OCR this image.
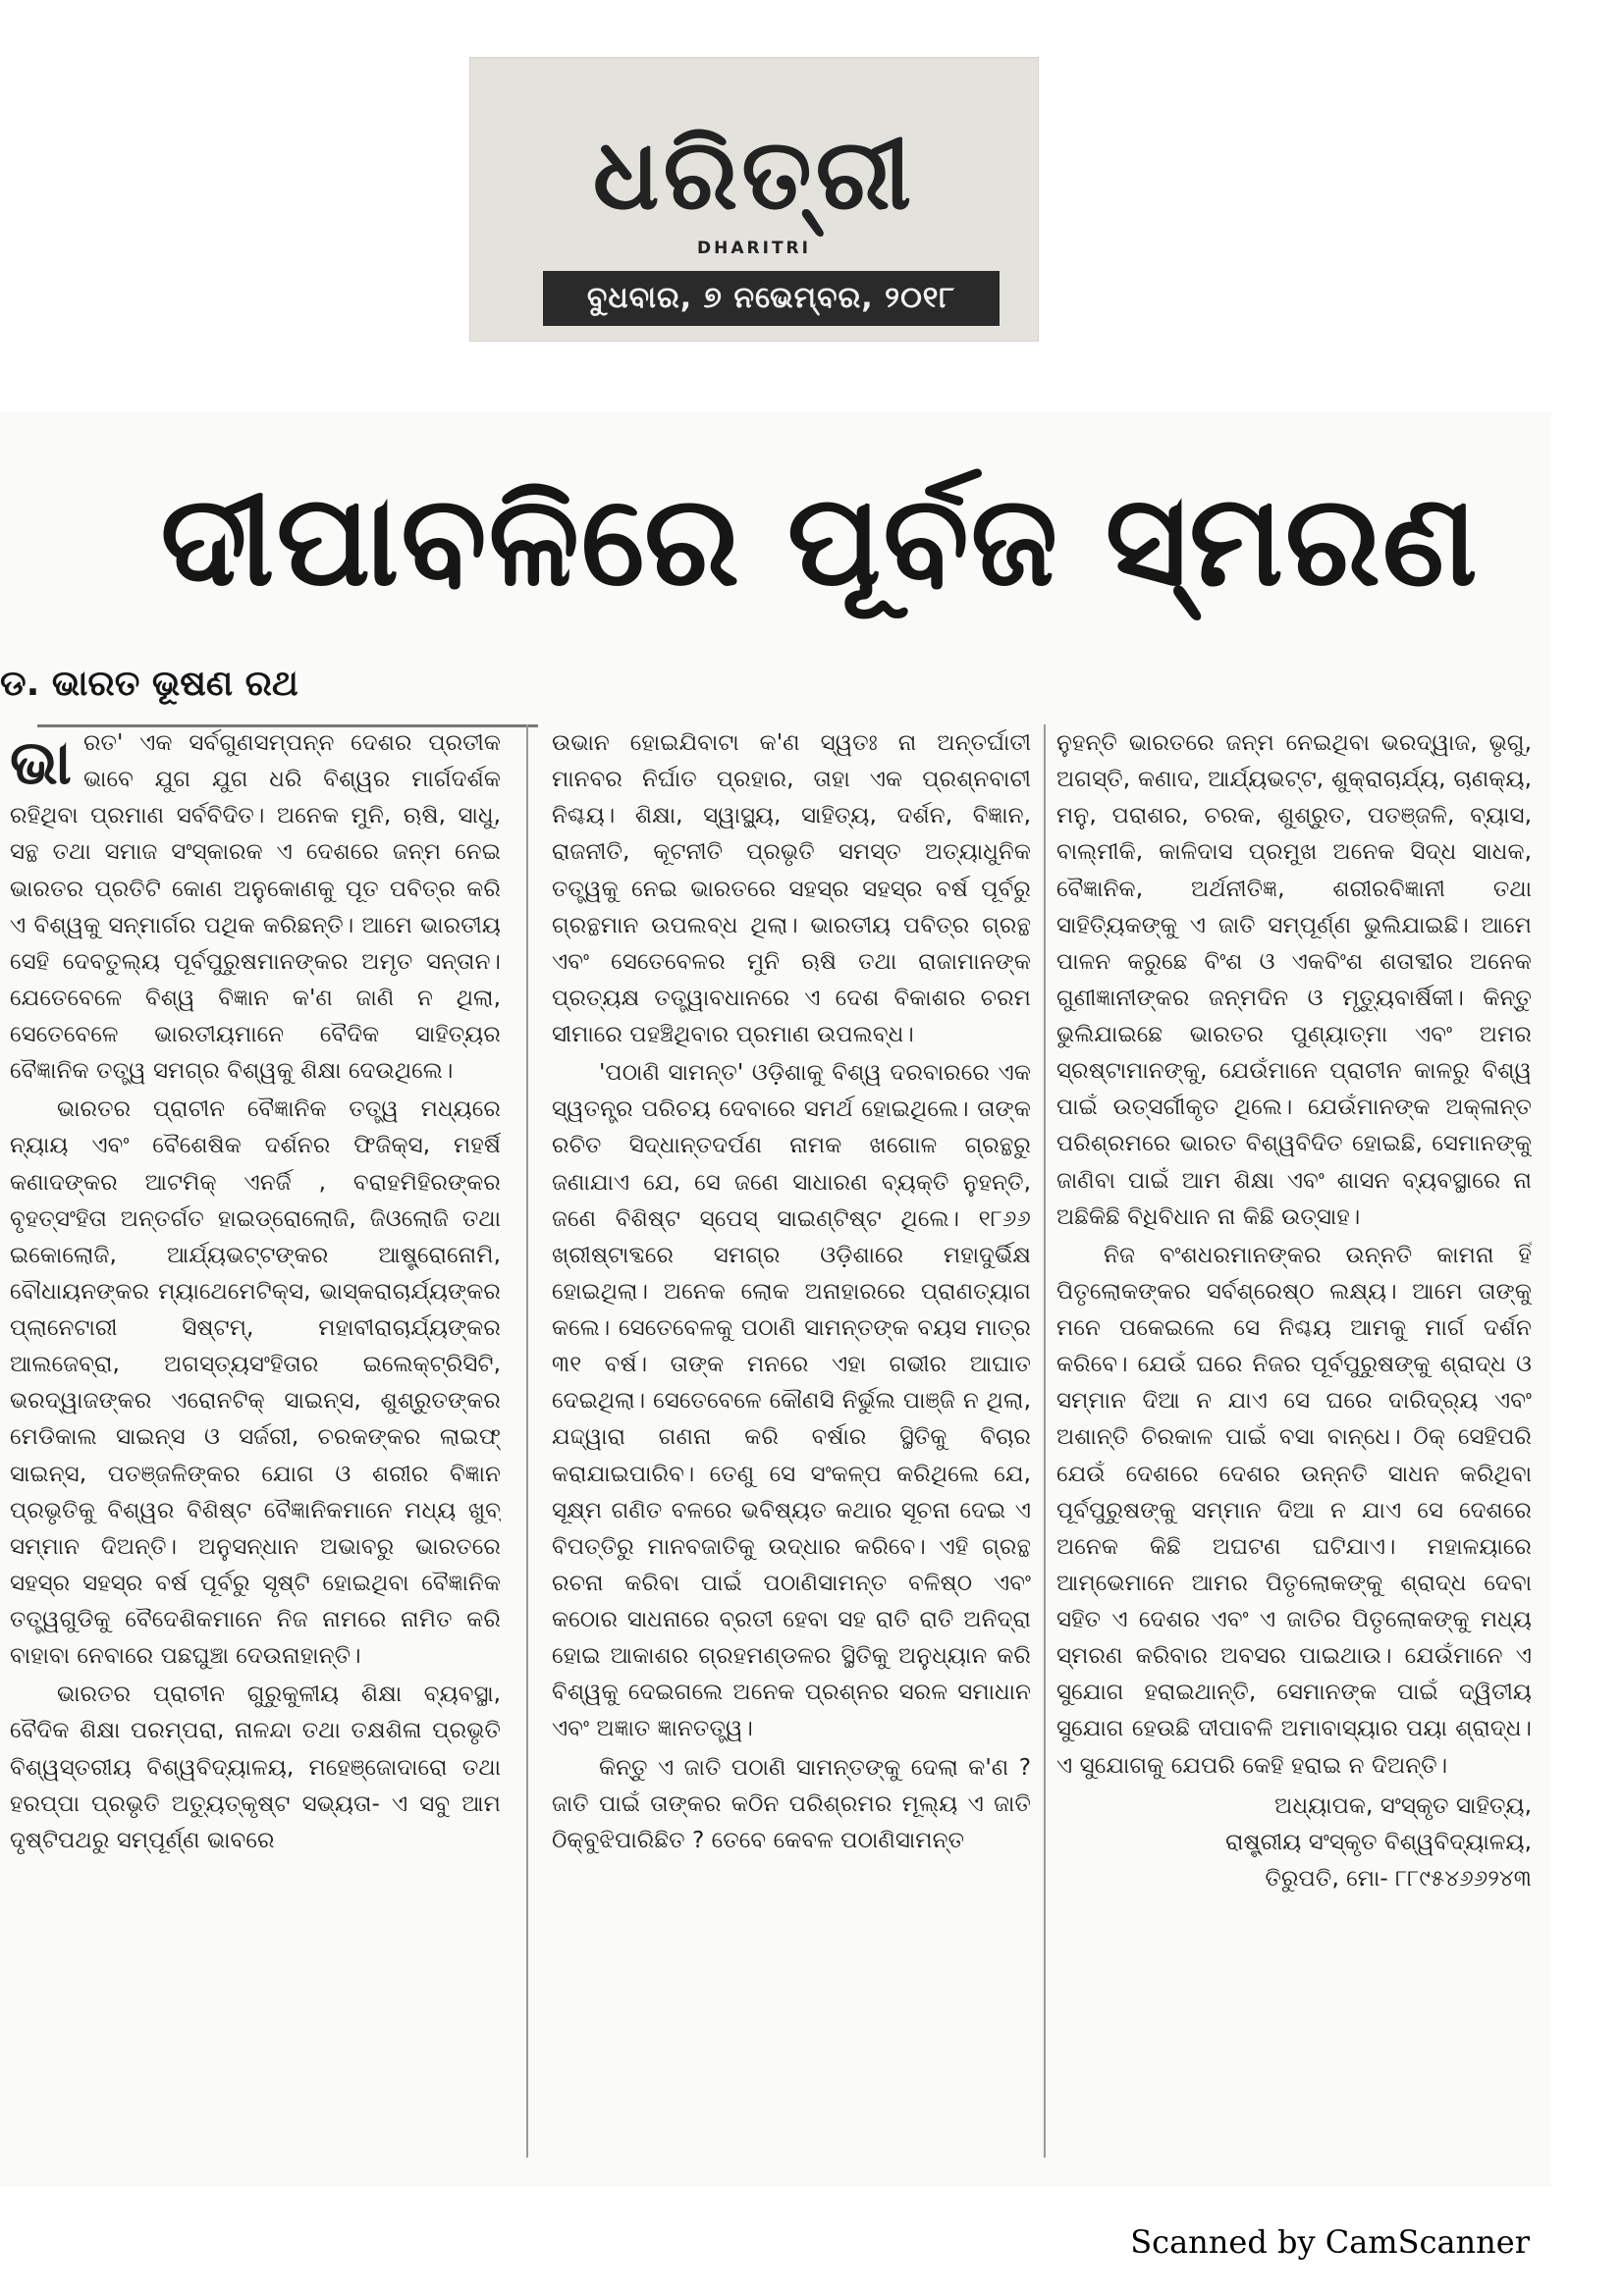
ଧରିତ୍ରୀ
DHARITRI
ବୁଧବାର, ୭ ନଭେମ୍ବର, ୨୦୧୮
ଦୀପାବଳିରେ ପୂର୍ବଜ ସ୍ମରଣ
ଡ. ଭାରତ ଭୂଷଣ ରଥ

ଭାରତ' ଏକ ସର୍ବଗୁଣସମ୍ପନ୍ନ ଦେଶର ପ୍ରତୀକ ଭାବେ ଯୁଗ ଯୁଗ ଧରି ବିଶ୍ୱର ମାର୍ଗଦର୍ଶକ ରହିଥିବା ପ୍ରମାଣ ସର୍ବବିଦିତ। ଅନେକ ମୁନି, ଋଷି, ସାଧୁ, ସନ୍ଥ ତଥା ସମାଜ ସଂସ୍କାରକ ଏ ଦେଶରେ ଜନ୍ମ ନେଇ ଭାରତର ପ୍ରତିଟି କୋଣ ଅନୁକୋଣକୁ ପୂତ ପବିତ୍ର କରି ଏ ବିଶ୍ୱକୁ ସନ୍ମାର୍ଗର ପଥିକ କରିଛନ୍ତି। ଆମେ ଭାରତୀୟ ସେହି ଦେବତୁଲ୍ୟ ପୂର୍ବପୁରୁଷମାନଙ୍କର ଅମୃତ ସନ୍ତାନ। ଯେତେବେଳେ ବିଶ୍ୱ ବିଜ୍ଞାନ କ'ଣ ଜାଣି ନ ଥିଲା, ସେତେବେଳେ ଭାରତୀୟମାନେ ବୈଦିକ ସାହିତ୍ୟର ବୈଜ୍ଞାନିକ ତତ୍ତ୍ୱ ସମଗ୍ର ବିଶ୍ୱକୁ ଶିକ୍ଷା ଦେଉଥିଲେ।

ଭାରତର ପ୍ରାଚୀନ ବୈଜ୍ଞାନିକ ତତ୍ତ୍ୱ ମଧ୍ୟରେ ନ୍ୟାୟ ଏବଂ ବୈଶେଷିକ ଦର୍ଶନର ଫିଜିକ୍ସ, ମହର୍ଷି କଣାଦଙ୍କର ଆଟମିକ୍ ଏନର୍ଜି , ବରାହମିହିରଙ୍କର ବୃହତ୍‌ସଂହିତା ଅନ୍ତର୍ଗତ ହାଇଡ୍ରୋଲୋଜି, ଜିଓଲୋଜି ତଥା ଇକୋଲୋଜି, ଆର୍ଯ୍ୟଭଟ୍ଟଙ୍କର ଆଷ୍ଟ୍ରୋନୋମି, ବୌଧାୟନଙ୍କର ମ୍ୟାଥେମେଟିକ୍ସ, ଭାସ୍କରାଚାର୍ଯ୍ୟଙ୍କର ପ୍ଲାନେଟାରୀ ସିଷ୍ଟମ୍, ମହାବୀରାଚାର୍ଯ୍ୟଙ୍କର ଆଲଜେବ୍ରା, ଅଗସ୍ତ୍ୟସଂହିତାର ଇଲେକ୍‌ଟ୍ରିସିଟି, ଭରଦ୍ୱାଜଙ୍କର ଏରୋନଟିକ୍ ସାଇନ୍ସ, ଶୁଶ୍ରୁତଙ୍କର ମେଡିକାଲ ସାଇନ୍ସ ଓ ସର୍ଜରୀ, ଚରକଙ୍କର ଲାଇଫ୍ ସାଇନ୍ସ, ପତଞ୍ଜଳିଙ୍କର ଯୋଗ ଓ ଶରୀର ବିଜ୍ଞାନ ପ୍ରଭୃତିକୁ ବିଶ୍ୱର ବିଶିଷ୍ଟ ବୈଜ୍ଞାନିକମାନେ ମଧ୍ୟ ଖୁବ୍ ସମ୍ମାନ ଦିଅନ୍ତି। ଅନୁସନ୍ଧାନ ଅଭାବରୁ ଭାରତରେ ସହସ୍ର ସହସ୍ର ବର୍ଷ ପୂର୍ବରୁ ସୃଷ୍ଟି ହୋଇଥିବା ବୈଜ୍ଞାନିକ ତତ୍ତ୍ୱଗୁଡିକୁ ବୈଦେଶିକମାନେ ନିଜ ନାମରେ ନାମିତ କରି ବାହାବା ନେବାରେ ପଛଘୁଞ୍ଚା ଦେଉନାହାନ୍ତି।

ଭାରତର ପ୍ରାଚୀନ ଗୁରୁକୁଳୀୟ ଶିକ୍ଷା ବ୍ୟବସ୍ଥା, ବୈଦିକ ଶିକ୍ଷା ପରମ୍ପରା, ନାଳନ୍ଦା ତଥା ତକ୍ଷଶିଳା ପ୍ରଭୃତି ବିଶ୍ୱସ୍ତରୀୟ ବିଶ୍ୱବିଦ୍ୟାଳୟ, ମହେଞ୍ଜୋଦାରୋ ତଥା ହରପ୍ପା ପ୍ରଭୃତି ଅତ୍ୟୁତ୍କୃଷ୍ଟ ସଭ୍ୟତା- ଏ ସବୁ ଆମ ଦୃଷ୍ଟିପଥରୁ ସମ୍ପୂର୍ଣ୍ଣ ଭାବରେ

ଉଭାନ ହୋଇଯିବାଟା କ'ଣ ସ୍ୱତଃ ନା ଅନ୍ତର୍ଘାତୀ ମାନବର ନିର୍ଘାତ ପ୍ରହାର, ତାହା ଏକ ପ୍ରଶ୍ନବାଚୀ ନିଶ୍ଚୟ। ଶିକ୍ଷା, ସ୍ୱାସ୍ଥ୍ୟ, ସାହିତ୍ୟ, ଦର୍ଶନ, ବିଜ୍ଞାନ, ରାଜନୀତି, କୂଟନୀତି ପ୍ରଭୃତି ସମସ୍ତ ଅତ୍ୟାଧୁନିକ ତତ୍ତ୍ୱକୁ ନେଇ ଭାରତରେ ସହସ୍ର ସହସ୍ର ବର୍ଷ ପୂର୍ବରୁ ଗ୍ରନ୍ଥମାନ ଉପଲବ୍ଧ ଥିଲା। ଭାରତୀୟ ପବିତ୍ର ଗ୍ରନ୍ଥ ଏବଂ ସେତେବେଳର ମୁନି ଋଷି ତଥା ରାଜାମାନଙ୍କ ପ୍ରତ୍ୟକ୍ଷ ତତ୍ତ୍ୱାବଧାନରେ ଏ ଦେଶ ବିକାଶର ଚରମ ସୀମାରେ ପହଞ୍ଚିଥିବାର ପ୍ରମାଣ ଉପଲବ୍ଧ।

'ପଠାଣି ସାମନ୍ତ' ଓଡ଼ିଶାକୁ ବିଶ୍ୱ ଦରବାରରେ ଏକ ସ୍ୱତନ୍ତ୍ର ପରିଚୟ ଦେବାରେ ସମର୍ଥ ହୋଇଥିଲେ। ତାଙ୍କ ରଚିତ ସିଦ୍ଧାନ୍ତଦର୍ପଣ ନାମକ ଖଗୋଳ ଗ୍ରନ୍ଥରୁ ଜଣାଯାଏ ଯେ, ସେ ଜଣେ ସାଧାରଣ ବ୍ୟକ୍ତି ନୁହନ୍ତି, ଜଣେ ବିଶିଷ୍ଟ ସ୍ପେସ୍ ସାଇଣ୍ଟିଷ୍ଟ ଥିଲେ। ୧୮୬୬ ଖ୍ରୀଷ୍ଟାବ୍ଦରେ ସମଗ୍ର ଓଡ଼ିଶାରେ ମହାଦୁର୍ଭିକ୍ଷ ହୋଇଥିଲା। ଅନେକ ଲୋକ ଅନାହାରରେ ପ୍ରାଣତ୍ୟାଗ କଲେ। ସେତେବେଳକୁ ପଠାଣି ସାମନ୍ତଙ୍କ ବୟସ ମାତ୍ର ୩୧ ବର୍ଷ। ତାଙ୍କ ମନରେ ଏହା ଗଭୀର ଆଘାତ ଦେଇଥିଲା। ସେତେବେଳେ କୌଣସି ନିର୍ଭୁଲ ପାଞ୍ଜି ନ ଥିଲା, ଯଦ୍ଦ୍ୱାରା ଗଣନା କରି ବର୍ଷାର ସ୍ଥିତିକୁ ବିଚାର କରାଯାଇପାରିବ। ତେଣୁ ସେ ସଂକଳ୍ପ କରିଥିଲେ ଯେ, ସୂକ୍ଷ୍ମ ଗଣିତ ବଳରେ ଭବିଷ୍ୟତ କଥାର ସୂଚନା ଦେଇ ଏ ବିପତ୍ତିରୁ ମାନବଜାତିକୁ ଉଦ୍ଧାର କରିବେ। ଏହି ଗ୍ରନ୍ଥ ରଚନା କରିବା ପାଇଁ ପଠାଣିସାମନ୍ତ ବଳିଷ୍ଠ ଏବଂ କଠୋର ସାଧନାରେ ବ୍ରତୀ ହେବା ସହ ରାତି ରାତି ଅନିଦ୍ରା ହୋଇ ଆକାଶର ଗ୍ରହମଣ୍ଡଳର ସ୍ଥିତିକୁ ଅନୁଧ୍ୟାନ କରି ବିଶ୍ୱକୁ ଦେଇଗଲେ ଅନେକ ପ୍ରଶ୍ନର ସରଳ ସମାଧାନ ଏବଂ ଅଜ୍ଞାତ ଜ୍ଞାନତତ୍ତ୍ୱ।

କିନ୍ତୁ ଏ ଜାତି ପଠାଣି ସାମନ୍ତଙ୍କୁ ଦେଲା କ'ଣ ? ଜାତି ପାଇଁ ତାଙ୍କର କଠିନ ପରିଶ୍ରମର ମୂଲ୍ୟ ଏ ଜାତି ଠିକ୍‌ବୁଝିପାରିଛିତ ? ତେବେ କେବଳ ପଠାଣିସାମନ୍ତ

ନୁହନ୍ତି ଭାରତରେ ଜନ୍ମ ନେଇଥିବା ଭରଦ୍ୱାଜ, ଭୃଗୁ, ଅଗସ୍ତି, କଣାଦ, ଆର୍ଯ୍ୟଭଟ୍ଟ, ଶୁକ୍ରାଚାର୍ଯ୍ୟ, ଚାଣକ୍ୟ, ମନୁ, ପରାଶର, ଚରକ, ଶୁଶ୍ରୁତ, ପତଞ୍ଜଳି, ବ୍ୟାସ, ବାଲ୍ମୀକି, କାଳିଦାସ ପ୍ରମୁଖ ଅନେକ ସିଦ୍ଧ ସାଧକ, ବୈଜ୍ଞାନିକ, ଅର୍ଥନୀତିଜ୍ଞ, ଶରୀରବିଜ୍ଞାନୀ ତଥା ସାହିତ୍ୟିକଙ୍କୁ ଏ ଜାତି ସମ୍ପୂର୍ଣ୍ଣ ଭୁଲିଯାଇଛି। ଆମେ ପାଳନ କରୁଛେ ବିଂଶ ଓ ଏକବିଂଶ ଶତାବ୍ଦୀର ଅନେକ ଗୁଣୀଜ୍ଞାନୀଙ୍କର ଜନ୍ମଦିନ ଓ ମୃତ୍ୟୁବାର୍ଷିକୀ। କିନ୍ତୁ ଭୁଲିଯାଇଛେ ଭାରତର ପୁଣ୍ୟାତ୍ମା ଏବଂ ଅମର ସ୍ରଷ୍ଟାମାନଙ୍କୁ, ଯେଉଁମାନେ ପ୍ରାଚୀନ କାଳରୁ ବିଶ୍ୱ ପାଇଁ ଉତ୍ସର୍ଗୀକୃତ ଥିଲେ। ଯେଉଁମାନଙ୍କ ଅକ୍ଳାନ୍ତ ପରିଶ୍ରମରେ ଭାରତ ବିଶ୍ୱବିଦିତ ହୋଇଛି, ସେମାନଙ୍କୁ ଜାଣିବା ପାଇଁ ଆମ ଶିକ୍ଷା ଏବଂ ଶାସନ ବ୍ୟବସ୍ଥାରେ ନା ଅଛିକିଛି ବିଧିବିଧାନ ନା କିଛି ଉତ୍ସାହ।

ନିଜ ବଂଶଧରମାନଙ୍କର ଉନ୍ନତି କାମନା ହିଁ ପିତୃଲୋକଙ୍କର ସର୍ବଶ୍ରେଷ୍ଠ ଲକ୍ଷ୍ୟ। ଆମେ ତାଙ୍କୁ ମନେ ପକେଇଲେ ସେ ନିଶ୍ଚୟ ଆମକୁ ମାର୍ଗ ଦର୍ଶନ କରିବେ। ଯେଉଁ ଘରେ ନିଜର ପୂର୍ବପୁରୁଷଙ୍କୁ ଶ୍ରାଦ୍ଧ ଓ ସମ୍ମାନ ଦିଆ ନ ଯାଏ ସେ ଘରେ ଦାରିଦ୍ର୍ୟ ଏବଂ ଅଶାନ୍ତି ଚିରକାଳ ପାଇଁ ବସା ବାନ୍ଧେ। ଠିକ୍ ସେହିପରି ଯେଉଁ ଦେଶରେ ଦେଶର ଉନ୍ନତି ସାଧନ କରିଥିବା ପୂର୍ବପୁରୁଷଙ୍କୁ ସମ୍ମାନ ଦିଆ ନ ଯାଏ ସେ ଦେଶରେ ଅନେକ କିଛି ଅଘଟଣ ଘଟିଯାଏ। ମହାଳୟାରେ ଆମ୍ଭେମାନେ ଆମର ପିତୃଲୋକଙ୍କୁ ଶ୍ରାଦ୍ଧ ଦେବା ସହିତ ଏ ଦେଶର ଏବଂ ଏ ଜାତିର ପିତୃଲୋକଙ୍କୁ ମଧ୍ୟ ସ୍ମରଣ କରିବାର ଅବସର ପାଇଥାଉ। ଯେଉଁମାନେ ଏ ସୁଯୋଗ ହରାଇଥାନ୍ତି, ସେମାନଙ୍କ ପାଇଁ ଦ୍ୱିତୀୟ ସୁଯୋଗ ହେଉଛି ଦୀପାବଳି ଅମାବାସ୍ୟାର ପୟା ଶ୍ରାଦ୍ଧ। ଏ ସୁଯୋଗକୁ ଯେପରି କେହି ହରାଇ ନ ଦିଅନ୍ତି।

ଅଧ୍ୟାପକ, ସଂସ୍କୃତ ସାହିତ୍ୟ,
ରାଷ୍ଟ୍ରୀୟ ସଂସ୍କୃତ ବିଶ୍ୱବିଦ୍ୟାଳୟ,
ତିରୁପତି, ମୋ- ୮୮୯୫୪୬୬୨୪୩

Scanned by CamScanner
